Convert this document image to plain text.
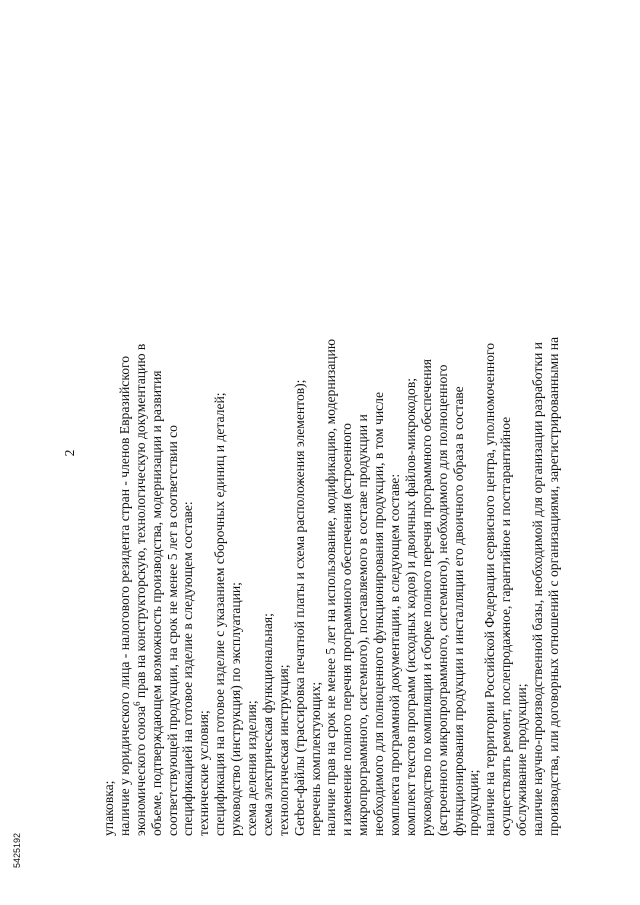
2
упаковка; наличие у юридического лица - налогового резидента стран - членов Евразийского экономического союза$^6$ прав на конструкторскую, технологическую документацию в объеме, подтверждающем возможность производства, модернизации и развития соответствующей продукции, на срок не менее 5 лет в соответствии со спецификацией на готовое изделие в следующем составе: технические условия; спецификация на готовое изделие с указанием сборочных единиц и деталей; руководство (инструкция) по эксплуатации; схема деления изделия; схема электрическая функциональная; технологическая инструкция; Gerber-файлы (трассировка печатной платы и схема расположения элементов); перечень комплектующих; наличие прав на срок не менее 5 лет на использование, модификацию, модернизацию и изменение полного перечня программного обеспечения (встроенного микропрограммного, системного), поставляемого в составе продукции и необходимого для полноценного функционирования продукции, в том числе комплекта программной документации, в следующем составе: комплект текстов программ (исходных кодов) и двоичных файлов-микрокодов; руководство по компиляции и сборке полного перечня программного обеспечения (встроенного микропрограммного, системного), необходимого для полноценного функционирования продукции и инсталляции его двоичного образа в составе продукции; наличие на территории Российской Федерации сервисного центра, уполномоченного осуществлять ремонт, послепродажное, гарантийное и постгарантийное обслуживание продукции; наличие научно-производственной базы, необходимой для организации разработки и производства, или договорных отношений с организациями, зарегистрированными на
5425192
